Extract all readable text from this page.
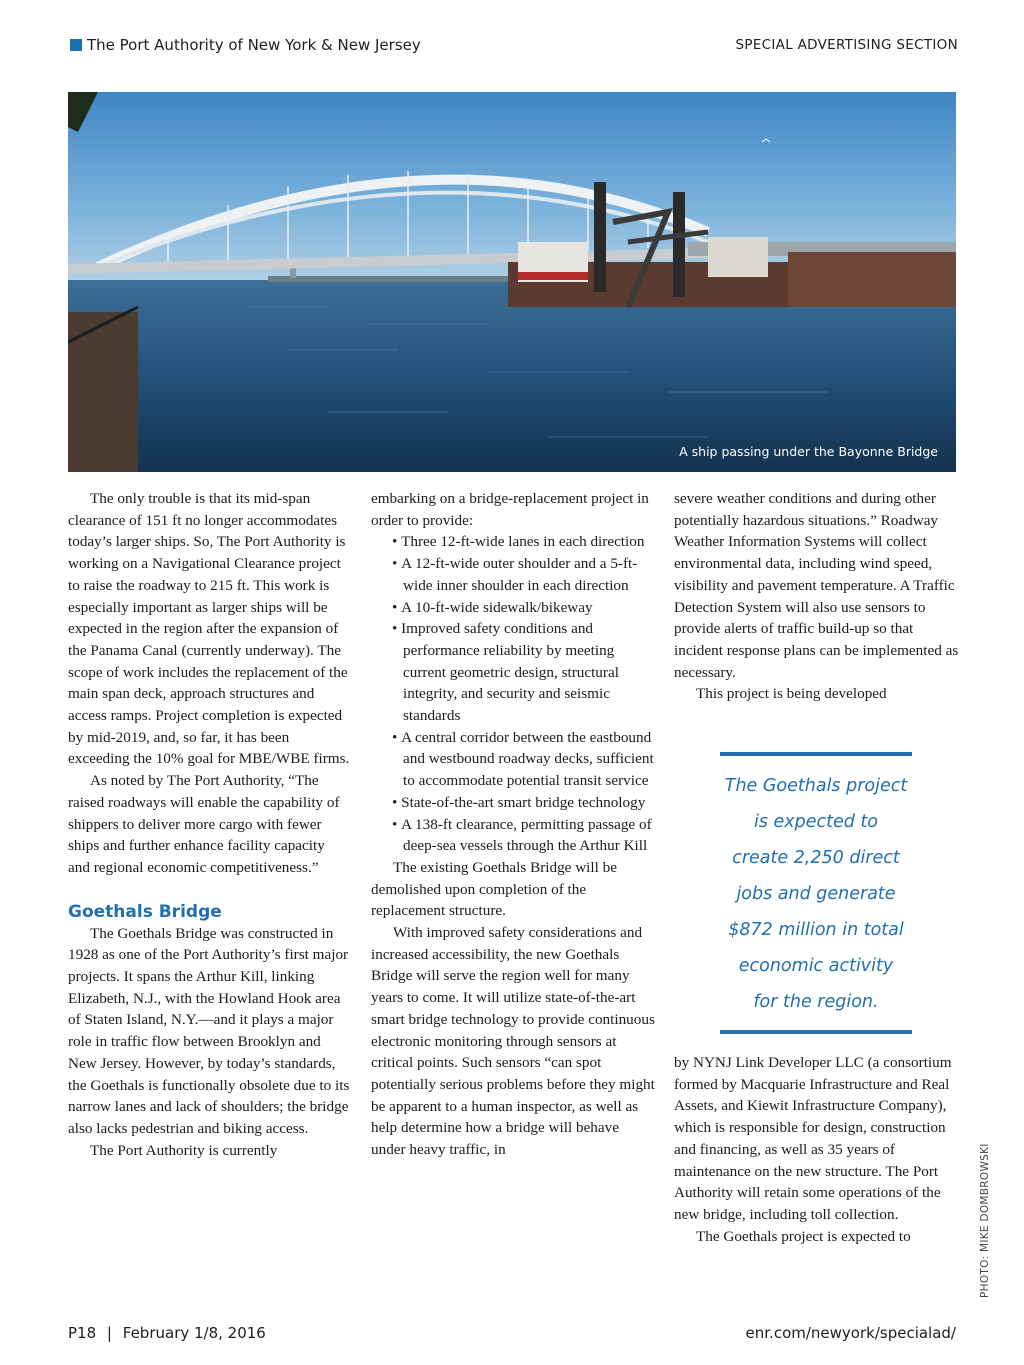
The Port Authority of New York & New Jersey	SPECIAL ADVERTISING SECTION
A ship passing under the Bayonne Bridge

The only trouble is that its mid-span clearance of 151 ft no longer accommodates today’s larger ships. So, The Port Authority is working on a Navigational Clearance project to raise the roadway to 215 ft. This work is especially important as larger ships will be expected in the region after the expansion of the Panama Canal (currently underway). The scope of work includes the replacement of the main span deck, approach structures and access ramps. Project completion is expected by mid-2019, and, so far, it has been exceeding the 10% goal for MBE/WBE firms.

As noted by The Port Authority, “The raised roadways will enable the capability of shippers to deliver more cargo with fewer ships and further enhance facility capacity and regional economic competitiveness.”

Goethals Bridge

The Goethals Bridge was constructed in 1928 as one of the Port Authority’s first major projects. It spans the Arthur Kill, linking Elizabeth, N.J., with the Howland Hook area of Staten Island, N.Y.—and it plays a major role in traffic flow between Brooklyn and New Jersey. However, by today’s standards, the Goethals is functionally obsolete due to its narrow lanes and lack of shoulders; the bridge also lacks pedestrian and biking access.

The Port Authority is currently

embarking on a bridge-replacement project in order to provide:

• Three 12-ft-wide lanes in each direction

• A 12-ft-wide outer shoulder and a 5-ft-wide inner shoulder in each direction

• A 10-ft-wide sidewalk/bikeway

• Improved safety conditions and performance reliability by meeting current geometric design, structural integrity, and security and seismic standards

• A central corridor between the eastbound and westbound roadway decks, sufficient to accommodate potential transit service

• State-of-the-art smart bridge technology

• A 138-ft clearance, permitting passage of deep-sea vessels through the Arthur Kill

The existing Goethals Bridge will be demolished upon completion of the replacement structure.

With improved safety considerations and increased accessibility, the new Goethals Bridge will serve the region well for many years to come. It will utilize state-of-the-art smart bridge technology to provide continuous electronic monitoring through sensors at critical points. Such sensors “can spot potentially serious problems before they might be apparent to a human inspector, as well as help determine how a bridge will behave under heavy traffic, in

severe weather conditions and during other potentially hazardous situations.” Roadway Weather Information Systems will collect environmental data, including wind speed, visibility and pavement temperature. A Traffic Detection System will also use sensors to provide alerts of traffic build-up so that incident response plans can be implemented as necessary.

This project is being developed

The Goethals project
is expected to
create 2,250 direct
jobs and generate
$872 million in total
economic activity
for the region.

by NYNJ Link Developer LLC (a consortium formed by Macquarie Infrastructure and Real Assets, and Kiewit Infrastructure Company), which is responsible for design, construction and financing, as well as 35 years of maintenance on the new structure. The Port Authority will retain some operations of the new bridge, including toll collection.

The Goethals project is expected to	PHOTO: MIKE DOMBROWSKI
P18 | February 1/8, 2016	enr.com/newyork/specialad/
